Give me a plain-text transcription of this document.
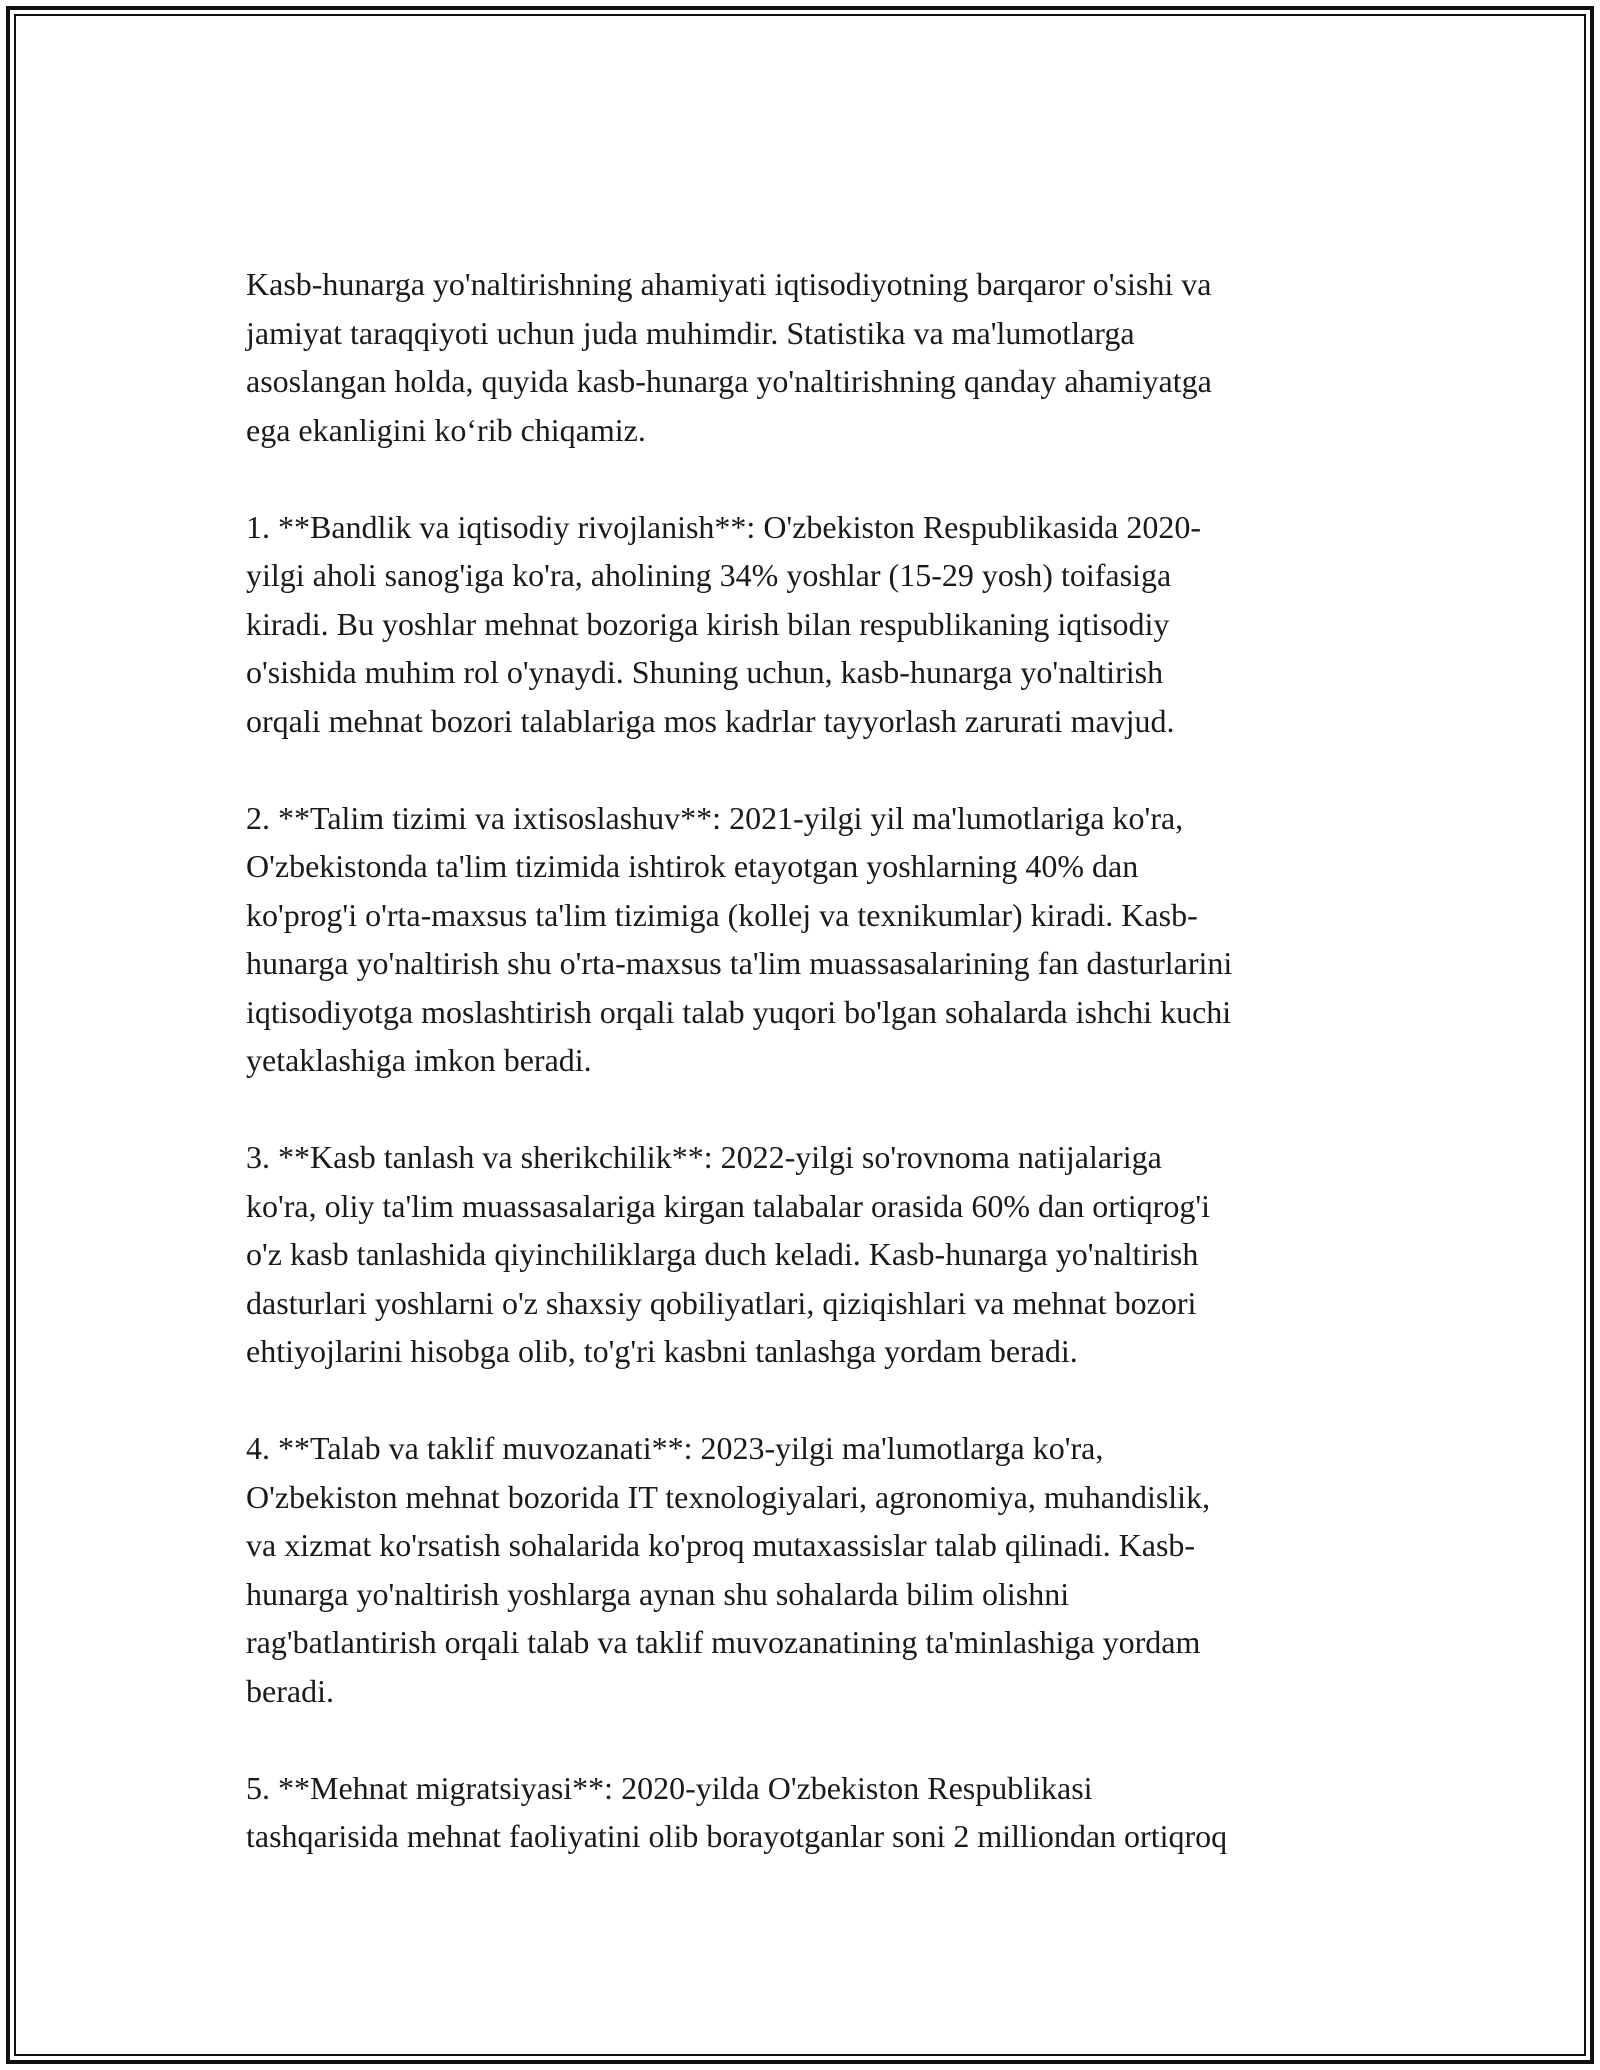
Kasb-hunarga yo'naltirishning ahamiyati iqtisodiyotning barqaror o'sishi va
jamiyat taraqqiyoti uchun juda muhimdir. Statistika va ma'lumotlarga
asoslangan holda, quyida kasb-hunarga yo'naltirishning qanday ahamiyatga
ega ekanligini ko‘rib chiqamiz.

1. **Bandlik va iqtisodiy rivojlanish**: O'zbekiston Respublikasida 2020-
yilgi aholi sanog'iga ko'ra, aholining 34% yoshlar (15-29 yosh) toifasiga
kiradi. Bu yoshlar mehnat bozoriga kirish bilan respublikaning iqtisodiy
o'sishida muhim rol o'ynaydi. Shuning uchun, kasb-hunarga yo'naltirish
orqali mehnat bozori talablariga mos kadrlar tayyorlash zarurati mavjud.

2. **Talim tizimi va ixtisoslashuv**: 2021-yilgi yil ma'lumotlariga ko'ra,
O'zbekistonda ta'lim tizimida ishtirok etayotgan yoshlarning 40% dan
ko'prog'i o'rta-maxsus ta'lim tizimiga (kollej va texnikumlar) kiradi. Kasb-
hunarga yo'naltirish shu o'rta-maxsus ta'lim muassasalarining fan dasturlarini
iqtisodiyotga moslashtirish orqali talab yuqori bo'lgan sohalarda ishchi kuchi
yetaklashiga imkon beradi.

3. **Kasb tanlash va sherikchilik**: 2022-yilgi so'rovnoma natijalariga
ko'ra, oliy ta'lim muassasalariga kirgan talabalar orasida 60% dan ortiqrog'i
o'z kasb tanlashida qiyinchiliklarga duch keladi. Kasb-hunarga yo'naltirish
dasturlari yoshlarni o'z shaxsiy qobiliyatlari, qiziqishlari va mehnat bozori
ehtiyojlarini hisobga olib, to'g'ri kasbni tanlashga yordam beradi.

4. **Talab va taklif muvozanati**: 2023-yilgi ma'lumotlarga ko'ra,
O'zbekiston mehnat bozorida IT texnologiyalari, agronomiya, muhandislik,
va xizmat ko'rsatish sohalarida ko'proq mutaxassislar talab qilinadi. Kasb-
hunarga yo'naltirish yoshlarga aynan shu sohalarda bilim olishni
rag'batlantirish orqali talab va taklif muvozanatining ta'minlashiga yordam
beradi.

5. **Mehnat migratsiyasi**: 2020-yilda O'zbekiston Respublikasi
tashqarisida mehnat faoliyatini olib borayotganlar soni 2 milliondan ortiqroq
